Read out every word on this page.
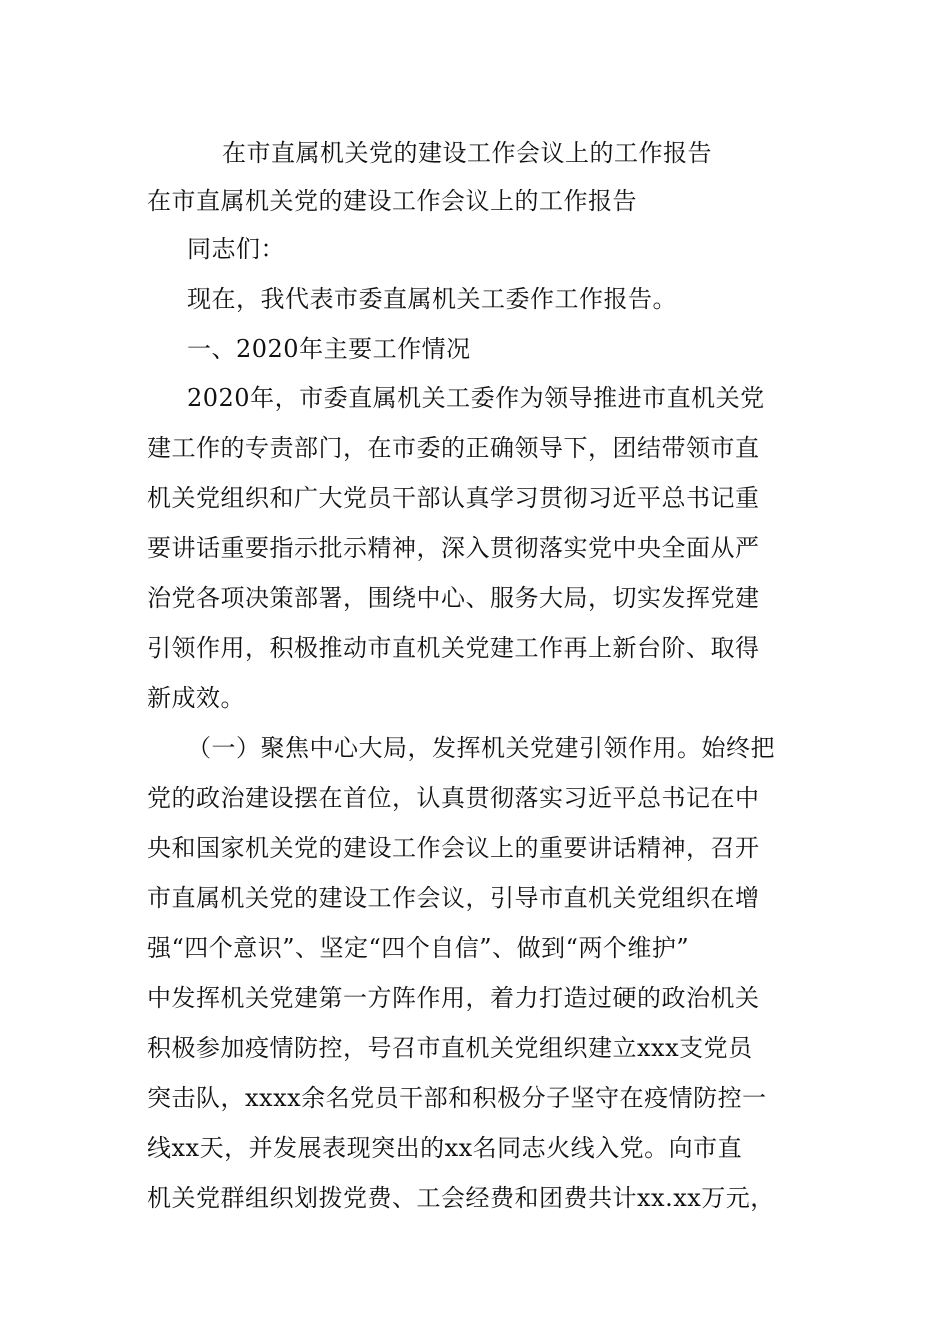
在市直属机关党的建设工作会议上的工作报告
在市直属机关党的建设工作会议上的工作报告
同志们：
现在，我代表市委直属机关工委作工作报告。
一、2020年主要工作情况
2020年，市委直属机关工委作为领导推进市直机关党
建工作的专责部门，在市委的正确领导下，团结带领市直
机关党组织和广大党员干部认真学习贯彻习近平总书记重
要讲话重要指示批示精神，深入贯彻落实党中央全面从严
治党各项决策部署，围绕中心、服务大局，切实发挥党建
引领作用，积极推动市直机关党建工作再上新台阶、取得
新成效。
（一）聚焦中心大局，发挥机关党建引领作用。始终把
党的政治建设摆在首位，认真贯彻落实习近平总书记在中
央和国家机关党的建设工作会议上的重要讲话精神，召开
市直属机关党的建设工作会议，引导市直机关党组织在增
强“四个意识”、坚定“四个自信”、做到“两个维护”
中发挥机关党建第一方阵作用，着力打造过硬的政治机关
积极参加疫情防控，号召市直机关党组织建立xxx支党员
突击队，xxxx余名党员干部和积极分子坚守在疫情防控一
线xx天，并发展表现突出的xx名同志火线入党。向市直
机关党群组织划拨党费、工会经费和团费共计xx.xx万元，
